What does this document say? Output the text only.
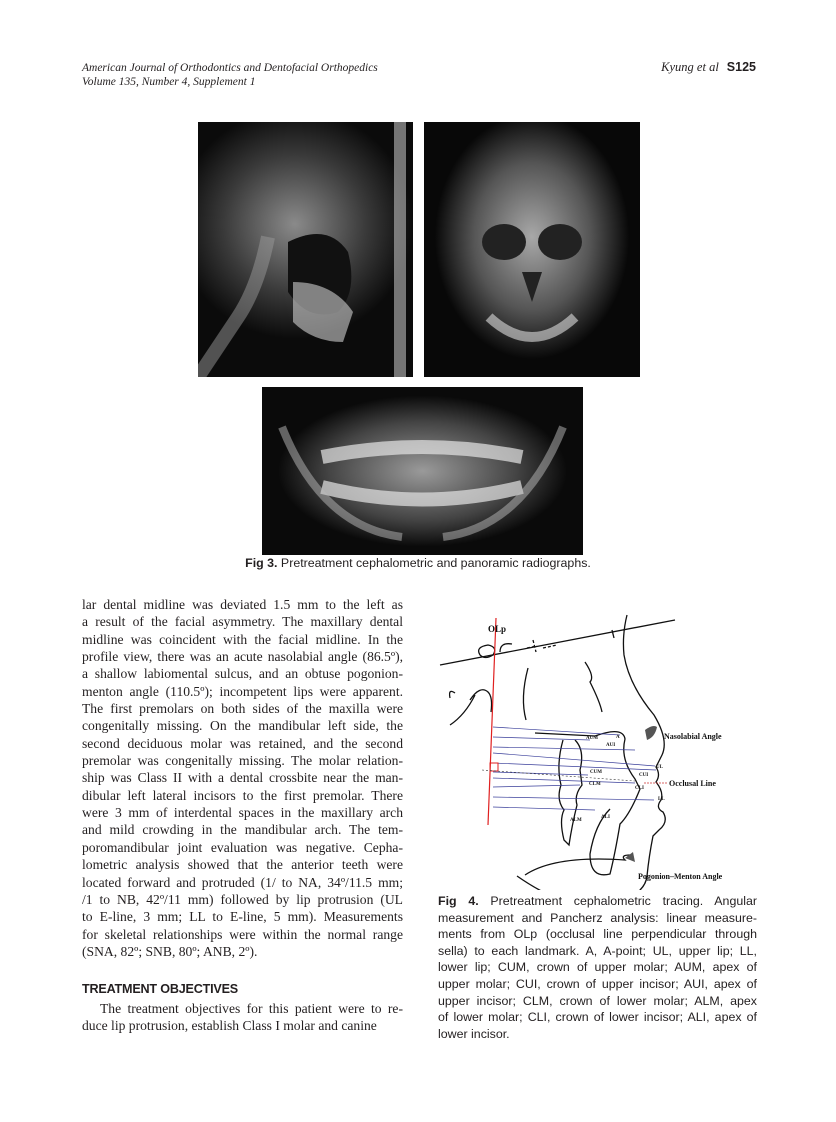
American Journal of Orthodontics and Dentofacial Orthopedics
Volume 135, Number 4, Supplement 1
Kyung et al S125
Fig 3. Pretreatment cephalometric and panoramic radiographs.
lar dental midline was deviated 1.5 mm to the left as
a result of the facial asymmetry. The maxillary dental
midline was coincident with the facial midline. In the
profile view, there was an acute nasolabial angle (86.5º),
a shallow labiomental sulcus, and an obtuse pogonion-
menton angle (110.5º); incompetent lips were apparent.
The first premolars on both sides of the maxilla were
congenitally missing. On the mandibular left side, the
second deciduous molar was retained, and the second
premolar was congenitally missing. The molar relation-
ship was Class II with a dental crossbite near the man-
dibular left lateral incisors to the first premolar. There
were 3 mm of interdental spaces in the maxillary arch
and mild crowding in the mandibular arch. The tem-
poromandibular joint evaluation was negative. Cepha-
lometric analysis showed that the anterior teeth were
located forward and protruded (1/ to NA, 34º/11.5 mm;
/1 to NB, 42º/11 mm) followed by lip protrusion (UL
to E-line, 3 mm; LL to E-line, 5 mm). Measurements
for skeletal relationships were within the normal range
(SNA, 82º; SNB, 80º; ANB, 2º).
TREATMENT OBJECTIVES
The treatment objectives for this patient were to re-
duce lip protrusion, establish Class I molar and canine
OLp
A
AUM
AUI
UL
CUM
CUI
CLM
CLI
LL
ALM
ALI
Nasolabial Angle
Occlusal Line
Pogonion–Menton Angle
Fig 4. Pretreatment cephalometric tracing. Angular
measurement and Pancherz analysis: linear measure-
ments from OLp (occlusal line perpendicular through
sella) to each landmark. A, A-point; UL, upper lip; LL,
lower lip; CUM, crown of upper molar; AUM, apex of
upper molar; CUI, crown of upper incisor; AUI, apex of
upper incisor; CLM, crown of lower molar; ALM, apex
of lower molar; CLI, crown of lower incisor; ALI, apex of
lower incisor.
